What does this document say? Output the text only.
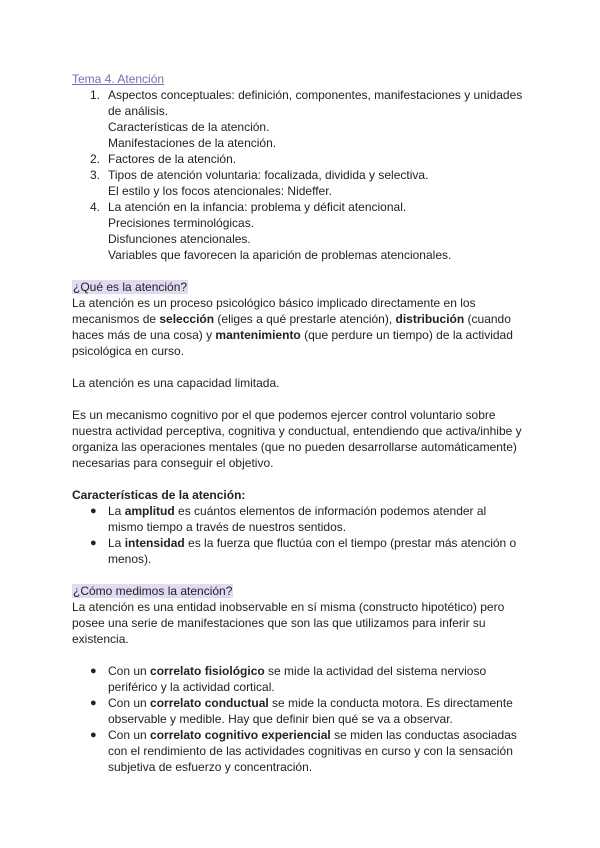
Tema 4. Atención
1. Aspectos conceptuales: definición, componentes, manifestaciones y unidades
de análisis.
Características de la atención.
Manifestaciones de la atención.
2. Factores de la atención.
3. Tipos de atención voluntaria: focalizada, dividida y selectiva.
El estilo y los focos atencionales: Nideffer.
4. La atención en la infancia: problema y déficit atencional.
Precisiones terminológicas.
Disfunciones atencionales.
Variables que favorecen la aparición de problemas atencionales.
¿Qué es la atención?
La atención es un proceso psicológico básico implicado directamente en los
mecanismos de selección (eliges a qué prestarle atención), distribución (cuando
haces más de una cosa) y mantenimiento (que perdure un tiempo) de la actividad
psicológica en curso.
La atención es una capacidad limitada.
Es un mecanismo cognitivo por el que podemos ejercer control voluntario sobre
nuestra actividad perceptiva, cognitiva y conductual, entendiendo que activa/inhibe y
organiza las operaciones mentales (que no pueden desarrollarse automáticamente)
necesarias para conseguir el objetivo.
Características de la atención:
● La amplitud es cuántos elementos de información podemos atender al
mismo tiempo a través de nuestros sentidos.
● La intensidad es la fuerza que fluctúa con el tiempo (prestar más atención o
menos).
¿Cómo medimos la atención?
La atención es una entidad inobservable en sí misma (constructo hipotético) pero
posee una serie de manifestaciones que son las que utilizamos para inferir su
existencia.
● Con un correlato fisiológico se mide la actividad del sistema nervioso
periférico y la actividad cortical.
● Con un correlato conductual se mide la conducta motora. Es directamente
observable y medible. Hay que definir bien qué se va a observar.
● Con un correlato cognitivo experiencial se miden las conductas asociadas
con el rendimiento de las actividades cognitivas en curso y con la sensación
subjetiva de esfuerzo y concentración.
